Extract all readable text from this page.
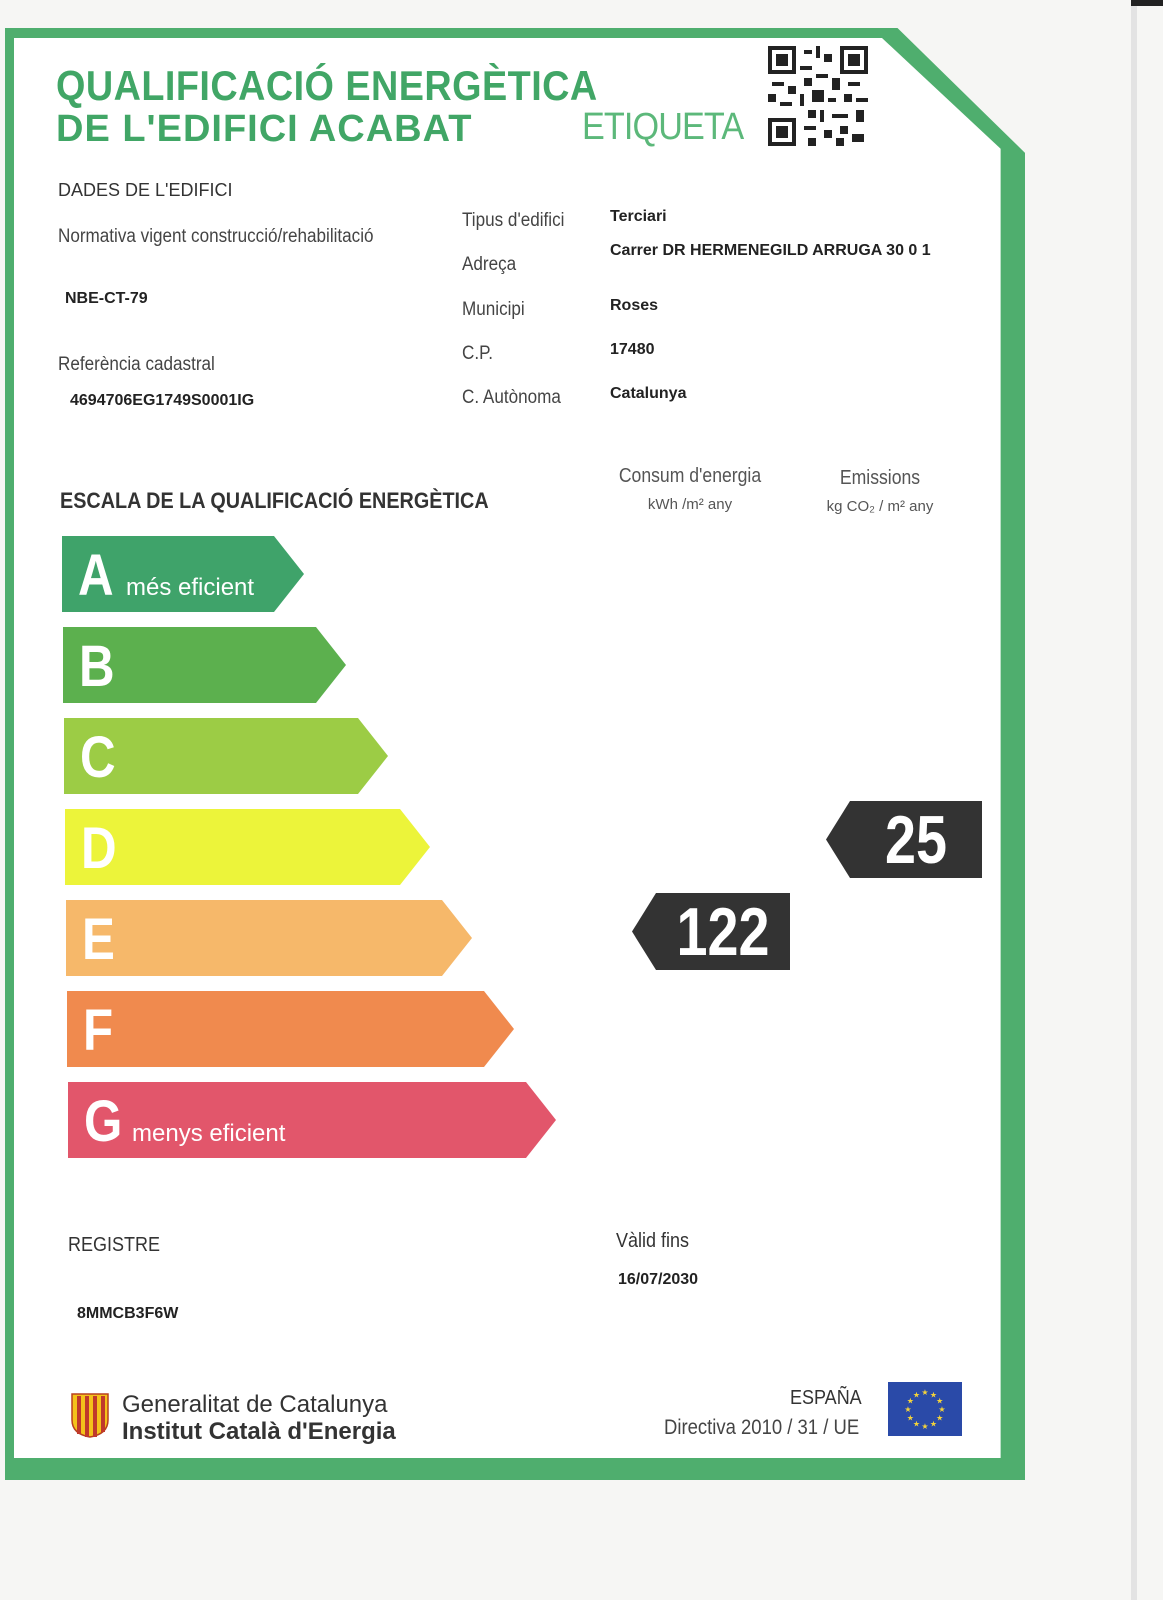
QUALIFICACIÓ ENERGÈTICA
DE L'EDIFICI ACABAT	ETIQUETA
DADES DE L'EDIFICI
Normativa vigent construcció/rehabilitació
NBE-CT-79
Referència cadastral
4694706EG1749S0001IG
Tipus d'edifici	Terciari
Adreça
Carrer DR HERMENEGILD ARRUGA 30 0 1
Municipi	Roses
C.P.	17480
C. Autònoma	Catalunya
ESCALA DE LA QUALIFICACIÓ ENERGÈTICA
Consum d'energia
kWh /m² any
Emissions
kg CO₂ / m² any
A més eficient
B
C
D
E
F
G menys eficient
122
25
REGISTRE
8MMCB3F6W
Vàlid fins
16/07/2030
Generalitat de Catalunya
Institut Català d'Energia
ESPAÑA
Directiva 2010 / 31 / UE
★ ★
★
★
★
★
★
★
★
★
★
★
